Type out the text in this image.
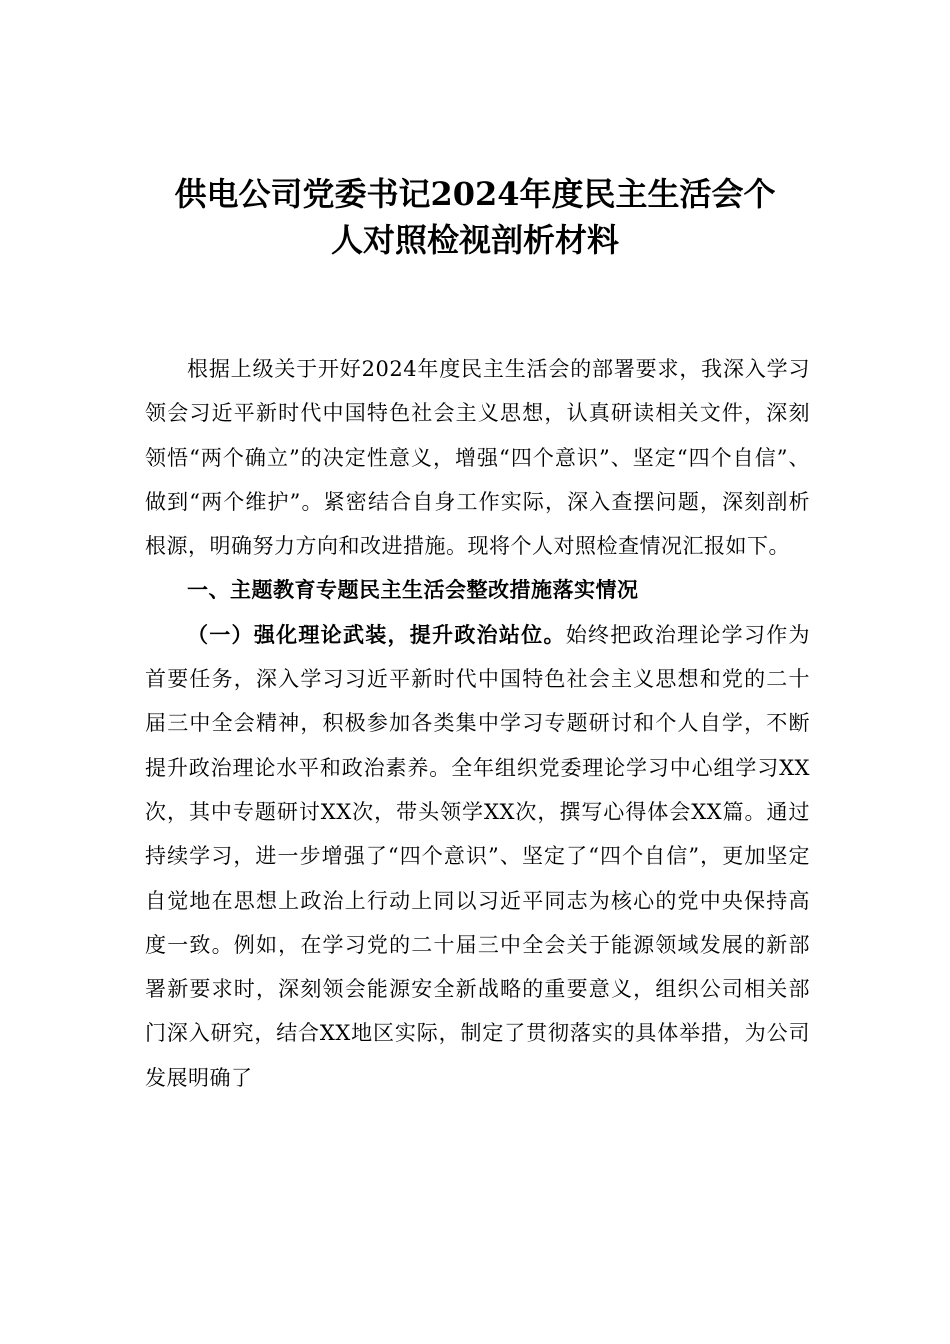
供电公司党委书记2024年度民主生活会个
人对照检视剖析材料

根据上级关于开好2024年度民主生活会的部署要求，我深入学习领会习近平新时代中国特色社会主义思想，认真研读相关文件，深刻领悟“两个确立”的决定性意义，增强“四个意识”、坚定“四个自信”、做到“两个维护”。紧密结合自身工作实际，深入查摆问题，深刻剖析根源，明确努力方向和改进措施。现将个人对照检查情况汇报如下。

一、主题教育专题民主生活会整改措施落实情况

（一）强化理论武装，提升政治站位。始终把政治理论学习作为首要任务，深入学习习近平新时代中国特色社会主义思想和党的二十届三中全会精神，积极参加各类集中学习专题研讨和个人自学，不断提升政治理论水平和政治素养。全年组织党委理论学习中心组学习XX次，其中专题研讨XX次，带头领学XX次，撰写心得体会XX篇。通过持续学习，进一步增强了“四个意识”、坚定了“四个自信”，更加坚定自觉地在思想上政治上行动上同以习近平同志为核心的党中央保持高度一致。例如，在学习党的二十届三中全会关于能源领域发展的新部署新要求时，深刻领会能源安全新战略的重要意义，组织公司相关部门深入研究，结合XX地区实际，制定了贯彻落实的具体举措，为公司发展明确了
